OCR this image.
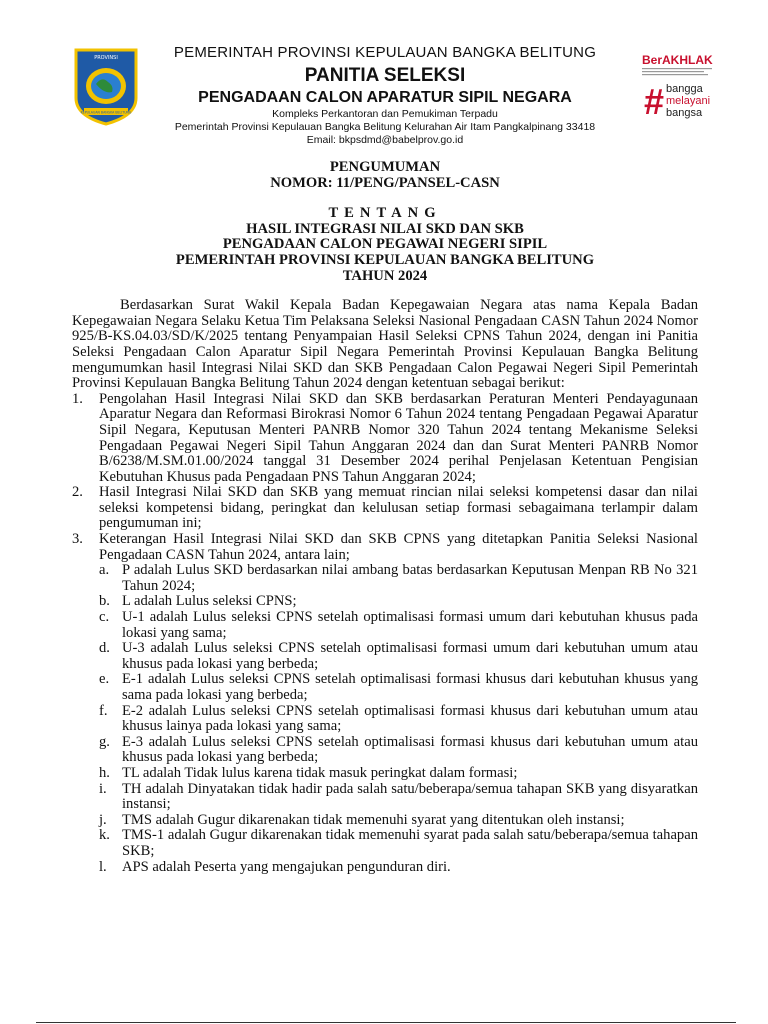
PROVINSI
KEPULAUAN BANGKA BELITUNG
PEMERINTAH PROVINSI KEPULAUAN BANGKA BELITUNG
PANITIA SELEKSI
PENGADAAN CALON APARATUR SIPIL NEGARA
Kompleks Perkantoran dan Pemukiman Terpadu
Pemerintah Provinsi Kepulauan Bangka Belitung Kelurahan Air Itam Pangkalpinang 33418
Email: bkpsdmd@babelprov.go.id
BerAKHLAK
# bangga
melayani
bangsa

PENGUMUMAN

NOMOR: 11/PENG/PANSEL-CASN

TENTANG

HASIL INTEGRASI NILAI SKD DAN SKB

PENGADAAN CALON PEGAWAI NEGERI SIPIL

PEMERINTAH PROVINSI KEPULAUAN BANGKA BELITUNG

TAHUN 2024

Berdasarkan Surat Wakil Kepala Badan Kepegawaian Negara atas nama Kepala Badan Kepegawaian Negara Selaku Ketua Tim Pelaksana Seleksi Nasional Pengadaan CASN Tahun 2024 Nomor 925/B-KS.04.03/SD/K/2025 tentang Penyampaian Hasil Seleksi CPNS Tahun 2024, dengan ini Panitia Seleksi Pengadaan Calon Aparatur Sipil Negara Pemerintah Provinsi Kepulauan Bangka Belitung mengumumkan hasil Integrasi Nilai SKD dan SKB Pengadaan Calon Pegawai Negeri Sipil Pemerintah Provinsi Kepulauan Bangka Belitung Tahun 2024 dengan ketentuan sebagai berikut:

1. Pengolahan Hasil Integrasi Nilai SKD dan SKB berdasarkan Peraturan Menteri Pendayagunaan Aparatur Negara dan Reformasi Birokrasi Nomor 6 Tahun 2024 tentang Pengadaan Pegawai Aparatur Sipil Negara, Keputusan Menteri PANRB Nomor 320 Tahun 2024 tentang Mekanisme Seleksi Pengadaan Pegawai Negeri Sipil Tahun Anggaran 2024 dan dan Surat Menteri PANRB Nomor B/6238/M.SM.01.00/2024 tanggal 31 Desember 2024 perihal Penjelasan Ketentuan Pengisian Kebutuhan Khusus pada Pengadaan PNS Tahun Anggaran 2024;
2. Hasil Integrasi Nilai SKD dan SKB yang memuat rincian nilai seleksi kompetensi dasar dan nilai seleksi kompetensi bidang, peringkat dan kelulusan setiap formasi sebagaimana terlampir dalam pengumuman ini;
3. Keterangan Hasil Integrasi Nilai SKD dan SKB CPNS yang ditetapkan Panitia Seleksi Nasional Pengadaan CASN Tahun 2024, antara lain;
a. P adalah Lulus SKD berdasarkan nilai ambang batas berdasarkan Keputusan Menpan RB No 321 Tahun 2024;
b. L adalah Lulus seleksi CPNS;
c. U-1 adalah Lulus seleksi CPNS setelah optimalisasi formasi umum dari kebutuhan khusus pada lokasi yang sama;
d. U-3 adalah Lulus seleksi CPNS setelah optimalisasi formasi umum dari kebutuhan umum atau khusus pada lokasi yang berbeda;
e. E-1 adalah Lulus seleksi CPNS setelah optimalisasi formasi khusus dari kebutuhan khusus yang sama pada lokasi yang berbeda;
f. E-2 adalah Lulus seleksi CPNS setelah optimalisasi formasi khusus dari kebutuhan umum atau khusus lainya pada lokasi yang sama;
g. E-3 adalah Lulus seleksi CPNS setelah optimalisasi formasi khusus dari kebutuhan umum atau khusus pada lokasi yang berbeda;
h. TL adalah Tidak lulus karena tidak masuk peringkat dalam formasi;
i. TH adalah Dinyatakan tidak hadir pada salah satu/beberapa/semua tahapan SKB yang disyaratkan instansi;
j. TMS adalah Gugur dikarenakan tidak memenuhi syarat yang ditentukan oleh instansi;
k. TMS-1 adalah Gugur dikarenakan tidak memenuhi syarat pada salah satu/beberapa/semua tahapan SKB;
l. APS adalah Peserta yang mengajukan pengunduran diri.
